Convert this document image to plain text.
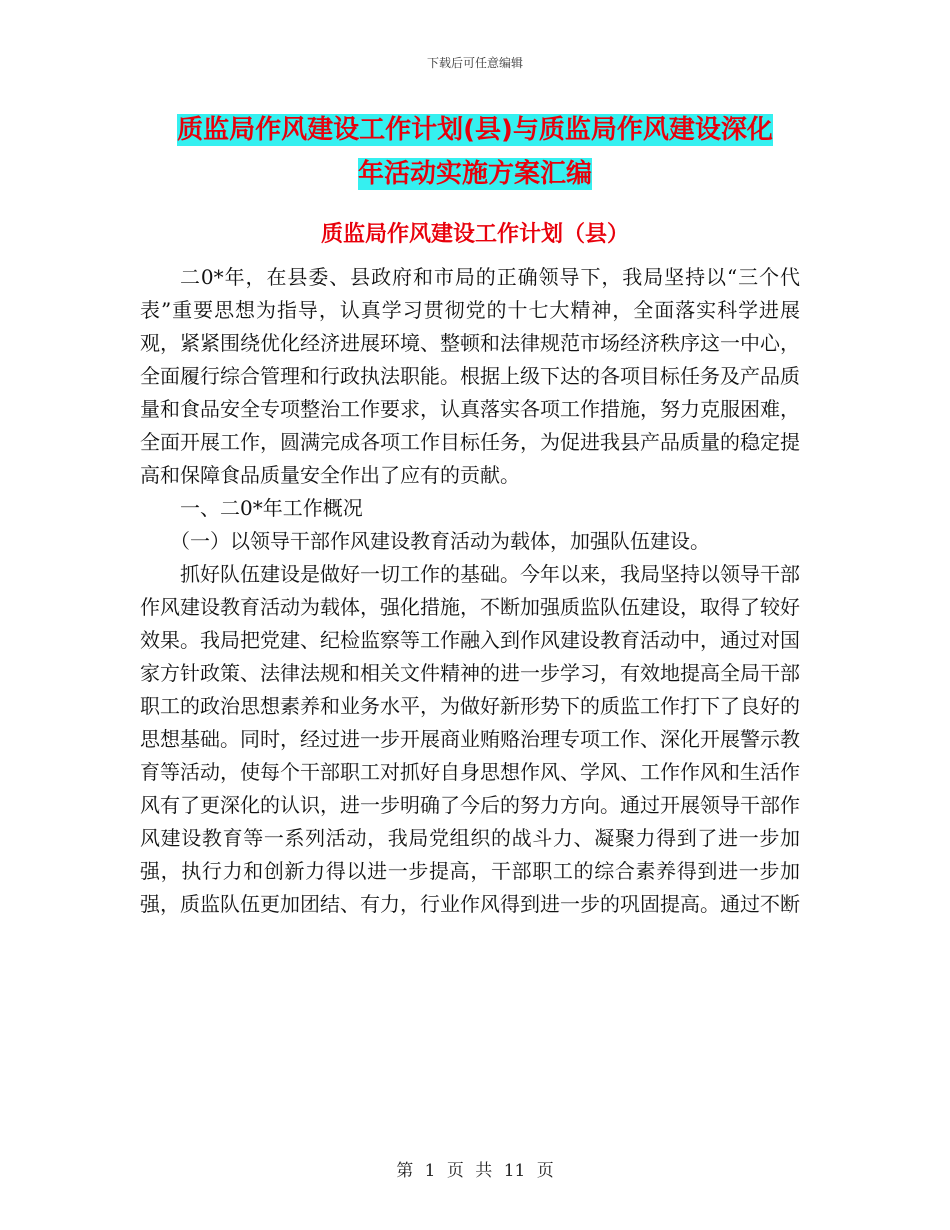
下载后可任意编辑
质监局作风建设工作计划(县)与质监局作风建设深化
年活动实施方案汇编
质监局作风建设工作计划（县）

二0*年，在县委、县政府和市局的正确领导下，我局坚持以“三个代表”重要思想为指导，认真学习贯彻党的十七大精神，全面落实科学进展观，紧紧围绕优化经济进展环境、整顿和法律规范市场经济秩序这一中心，全面履行综合管理和行政执法职能。根据上级下达的各项目标任务及产品质量和食品安全专项整治工作要求，认真落实各项工作措施，努力克服困难，全面开展工作，圆满完成各项工作目标任务，为促进我县产品质量的稳定提高和保障食品质量安全作出了应有的贡献。

一、二0*年工作概况

（一）以领导干部作风建设教育活动为载体，加强队伍建设。

抓好队伍建设是做好一切工作的基础。今年以来，我局坚持以领导干部作风建设教育活动为载体，强化措施，不断加强质监队伍建设，取得了较好效果。我局把党建、纪检监察等工作融入到作风建设教育活动中，通过对国家方针政策、法律法规和相关文件精神的进一步学习，有效地提高全局干部职工的政治思想素养和业务水平，为做好新形势下的质监工作打下了良好的思想基础。同时，经过进一步开展商业贿赂治理专项工作、深化开展警示教育等活动，使每个干部职工对抓好自身思想作风、学风、工作作风和生活作风有了更深化的认识，进一步明确了今后的努力方向。通过开展领导干部作风建设教育等一系列活动，我局党组织的战斗力、凝聚力得到了进一步加强，执行力和创新力得以进一步提高，干部职工的综合素养得到进一步加强，质监队伍更加团结、有力，行业作风得到进一步的巩固提高。通过不断

第 1 页 共 11 页
